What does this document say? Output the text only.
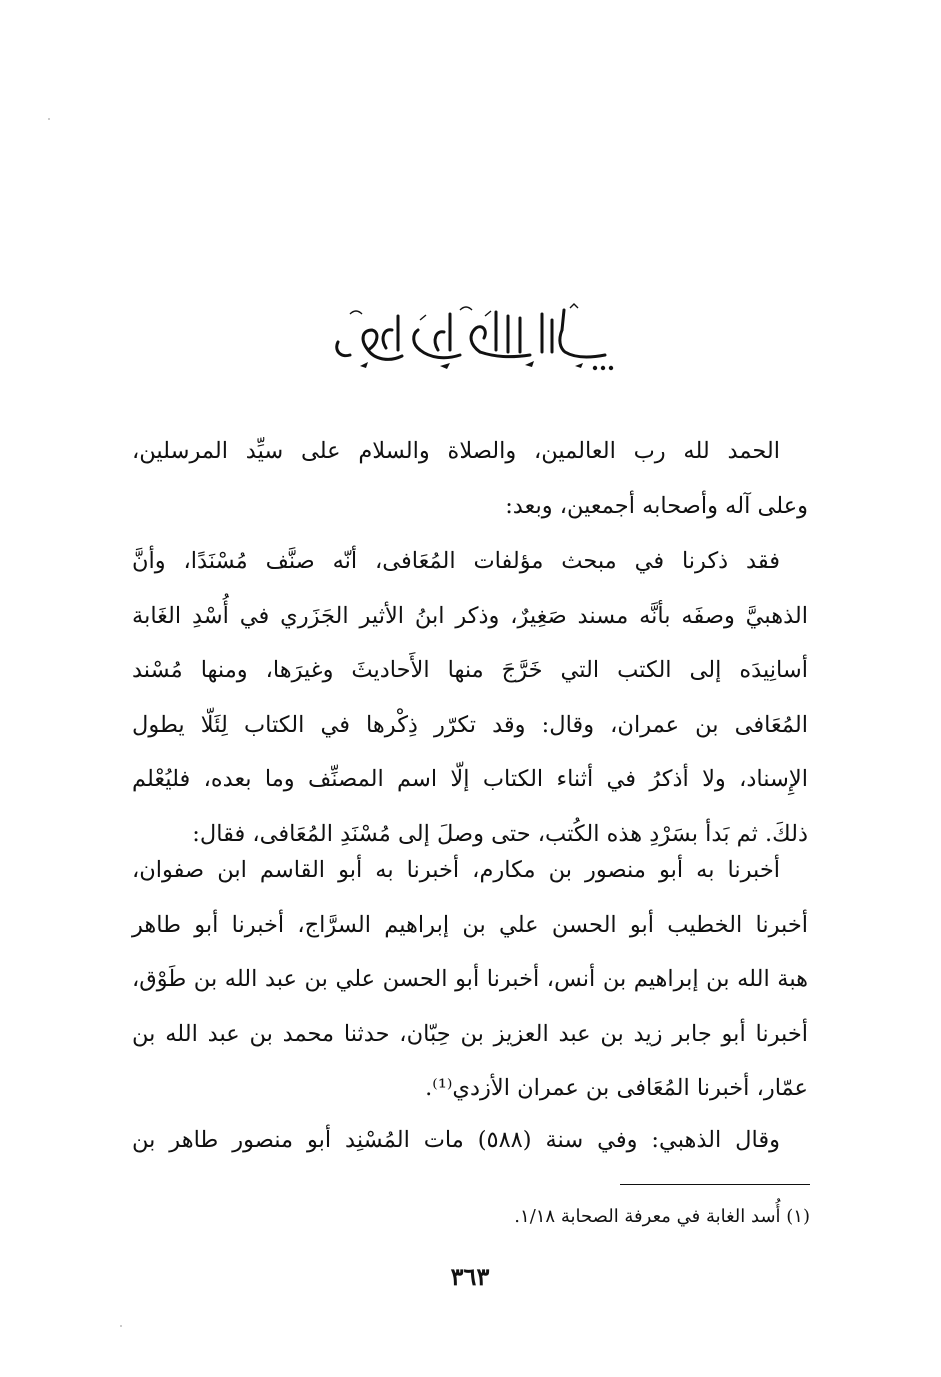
الحمد لله رب العالمين، والصلاة والسلام على سيِّد المرسلين،
وعلى آله وأصحابه أجمعين، وبعد:
فقد ذكرنا في مبحث مؤلفات المُعَافى، أنّه صنَّف مُسْنَدًا، وأنَّ
الذهبيَّ وصفَه بأنَّه مسند صَغِيرٌ، وذكر ابنُ الأثير الجَزَري في أُسْدِ الغَابة
أسانِيدَه إلى الكتب التي خَرَّجَ منها الأَحاديثَ وغيرَها، ومنها مُسْند
المُعَافى بن عمران، وقال: وقد تكرّر ذِكْرها في الكتاب لِئَلّا يطول
الإِسناد، ولا أذكرُ في أثناء الكتاب إلّا اسم المصنِّف وما بعده، فليُعْلم
ذلكَ. ثم بَدأ بسَرْدِ هذه الكُتب، حتى وصلَ إلى مُسْنَدِ المُعَافى، فقال:
أخبرنا به أبو منصور بن مكارم، أخبرنا به أبو القاسم ابن صفوان،
أخبرنا الخطيب أبو الحسن علي بن إبراهيم السرَّاج، أخبرنا أبو طاهر
هبة الله بن إبراهيم بن أنس، أخبرنا أبو الحسن علي بن عبد الله بن طَوْق،
أخبرنا أبو جابر زيد بن عبد العزيز بن حِبّان، حدثنا محمد بن عبد الله بن
عمّار، أخبرنا المُعَافى بن عمران الأزدي⁽¹⁾.
وقال الذهبي: وفي سنة (٥٨٨) مات المُسْنِد أبو منصور طاهر بن
(١) أُسد الغابة في معرفة الصحابة ١/١٨.
٣٦٣
